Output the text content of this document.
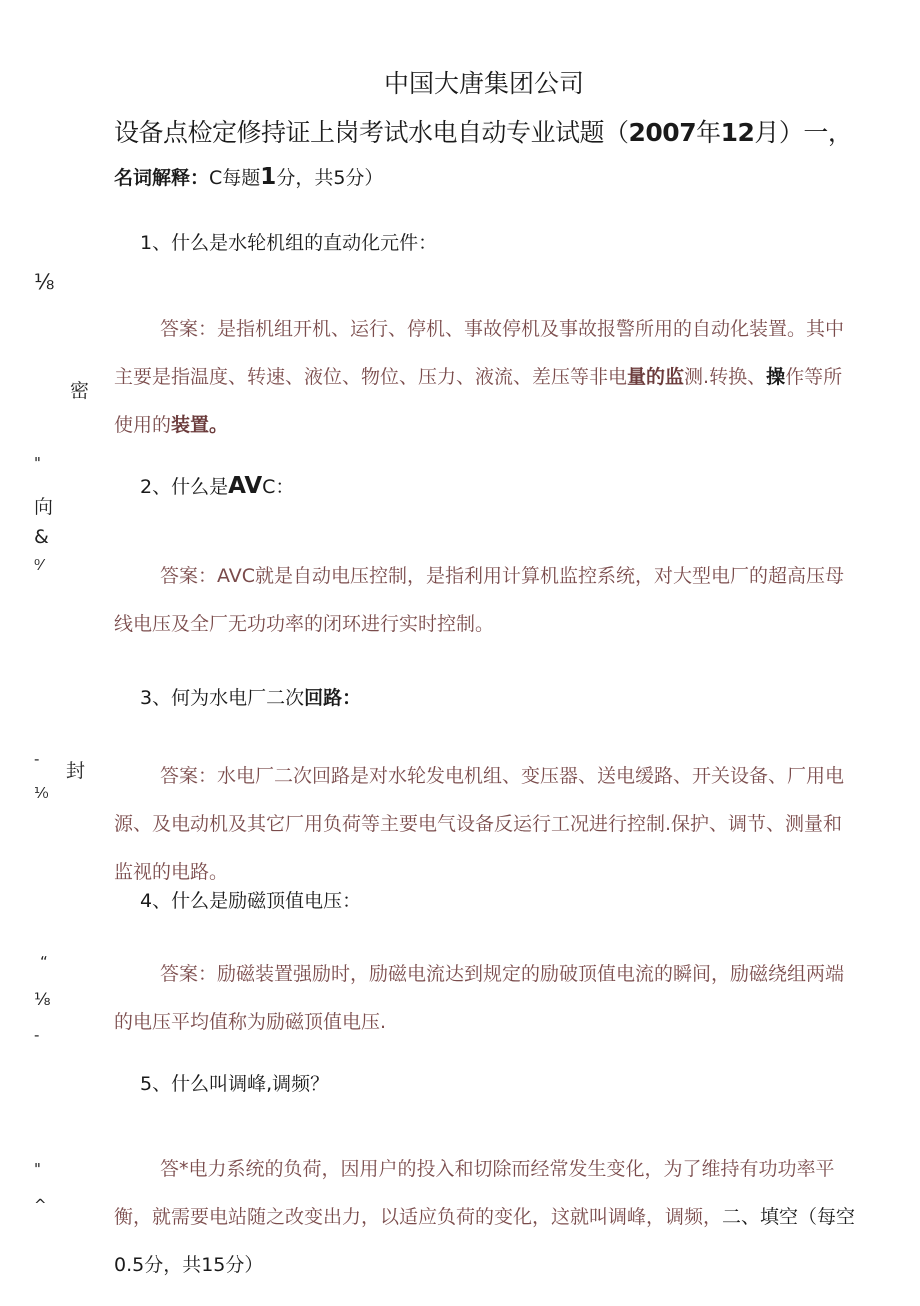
中国大唐集团公司
设备点检定修持证上岗考试水电自动专业试题（2007年12月）一，
名词解释：C每题1分，共5分）
1、什么是水轮机组的直动化元件：
答案：是指机组开机、运行、停机、事故停机及事故报警所用的自动化装置。其中主要是指温度、转速、液位、物位、压力、液流、差压等非电量的监测.转换、操作等所使用的装置。
2、什么是AVC：
答案：AVC就是自动电压控制，是指利用计算机监控系统，对大型电厂的超高压母线电压及全厂无功功率的闭环进行实时控制。
3、何为水电厂二次回路：
答案：水电厂二次回路是对水轮发电机组、变压器、送电缓路、开关设备、厂用电源、及电动机及其它厂用负荷等主要电气设备反运行工况进行控制.保护、调节、测量和监视的电路。
4、什么是励磁顶值电压：
答案：励磁装置强励时，励磁电流达到规定的励破顶值电流的瞬间，励磁绕组两端的电压平均值称为励磁顶值电压.
5、什么叫调峰,调频？
答*电力系统的负荷，因用户的投入和切除而经常发生变化，为了维持有功功率平衡，就需要电站随之改变出力，以适应负荷的变化，这就叫调峰，调频，二、填空（每空0.5分，共15分）
⅛
密
"
向
&
⁰⁄
-
封
⅟₀
“
⅛
-
"
^
